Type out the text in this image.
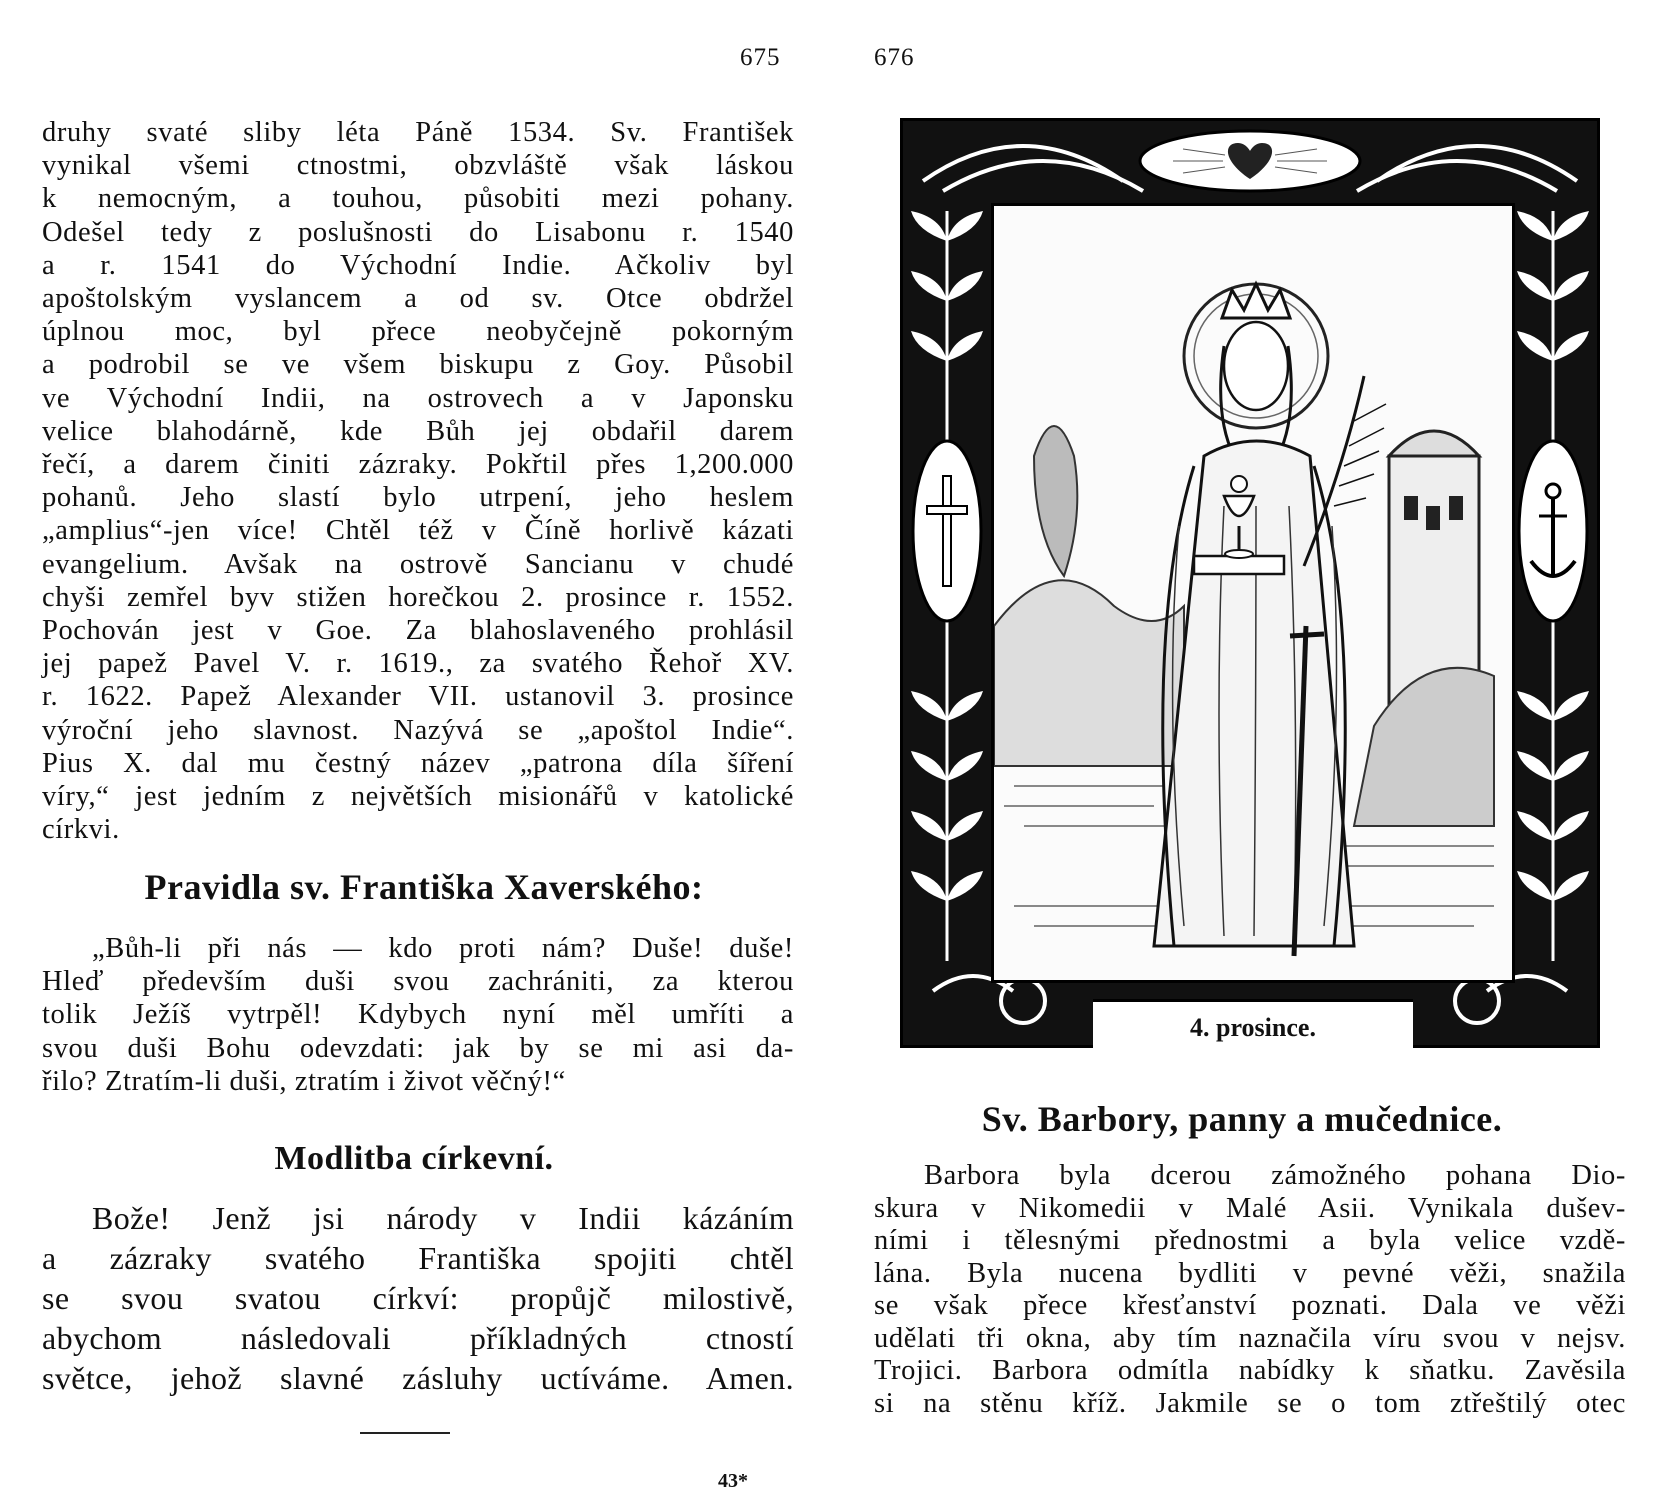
675
druhy svaté sliby léta Páně 1534. Sv. František
vynikal všemi ctnostmi, obzvláště však láskou
k nemocným, a touhou, působiti mezi pohany.
Odešel tedy z poslušnosti do Lisabonu r. 1540
a r. 1541 do Východní Indie. Ačkoliv byl
apoštolským vyslancem a od sv. Otce obdržel
úplnou moc, byl přece neobyčejně pokorným
a podrobil se ve všem biskupu z Goy. Působil
ve Východní Indii, na ostrovech a v Japonsku
velice blahodárně, kde Bůh jej obdařil darem
řečí, a darem činiti zázraky. Pokřtil přes 1,200.000
pohanů. Jeho slastí bylo utrpení, jeho heslem
„amplius“-jen více! Chtěl též v Číně horlivě kázati
evangelium. Avšak na ostrově Sancianu v chudé
chyši zemřel byv stižen horečkou 2. prosince r. 1552.
Pochován jest v Goe. Za blahoslaveného prohlásil
jej papež Pavel V. r. 1619., za svatého Řehoř XV.
r. 1622. Papež Alexander VII. ustanovil 3. prosince
výroční jeho slavnost. Nazývá se „apoštol Indie“.
Pius X. dal mu čestný název „patrona díla šíření
víry,“ jest jedním z největších misionářů v katolické
církvi.
Pravidla sv. Františka Xaverského:
„Bůh-li při nás — kdo proti nám? Duše! duše!
Hleď především duši svou zachrániti, za kterou
tolik Ježíš vytrpěl! Kdybych nyní měl umříti a
svou duši Bohu odevzdati: jak by se mi asi da-
řilo? Ztratím-li duši, ztratím i život věčný!“
Modlitba církevní.
Bože! Jenž jsi národy v Indii kázáním
a zázraky svatého Františka spojiti chtěl
se svou svatou církví: propůjč milostivě,
abychom následovali příkladných ctností
světce, jehož slavné zásluhy uctíváme. Amen.
43*
676
4. prosince.
Sv. Barbory, panny a mučednice.
Barbora byla dcerou zámožného pohana Dio-
skura v Nikomedii v Malé Asii. Vynikala dušev-
ními i tělesnými přednostmi a byla velice vzdě-
lána. Byla nucena bydliti v pevné věži, snažila
se však přece křesťanství poznati. Dala ve věži
udělati tři okna, aby tím naznačila víru svou v nejsv.
Trojici. Barbora odmítla nabídky k sňatku. Zavěsila
si na stěnu kříž. Jakmile se o tom ztřeštilý otec
